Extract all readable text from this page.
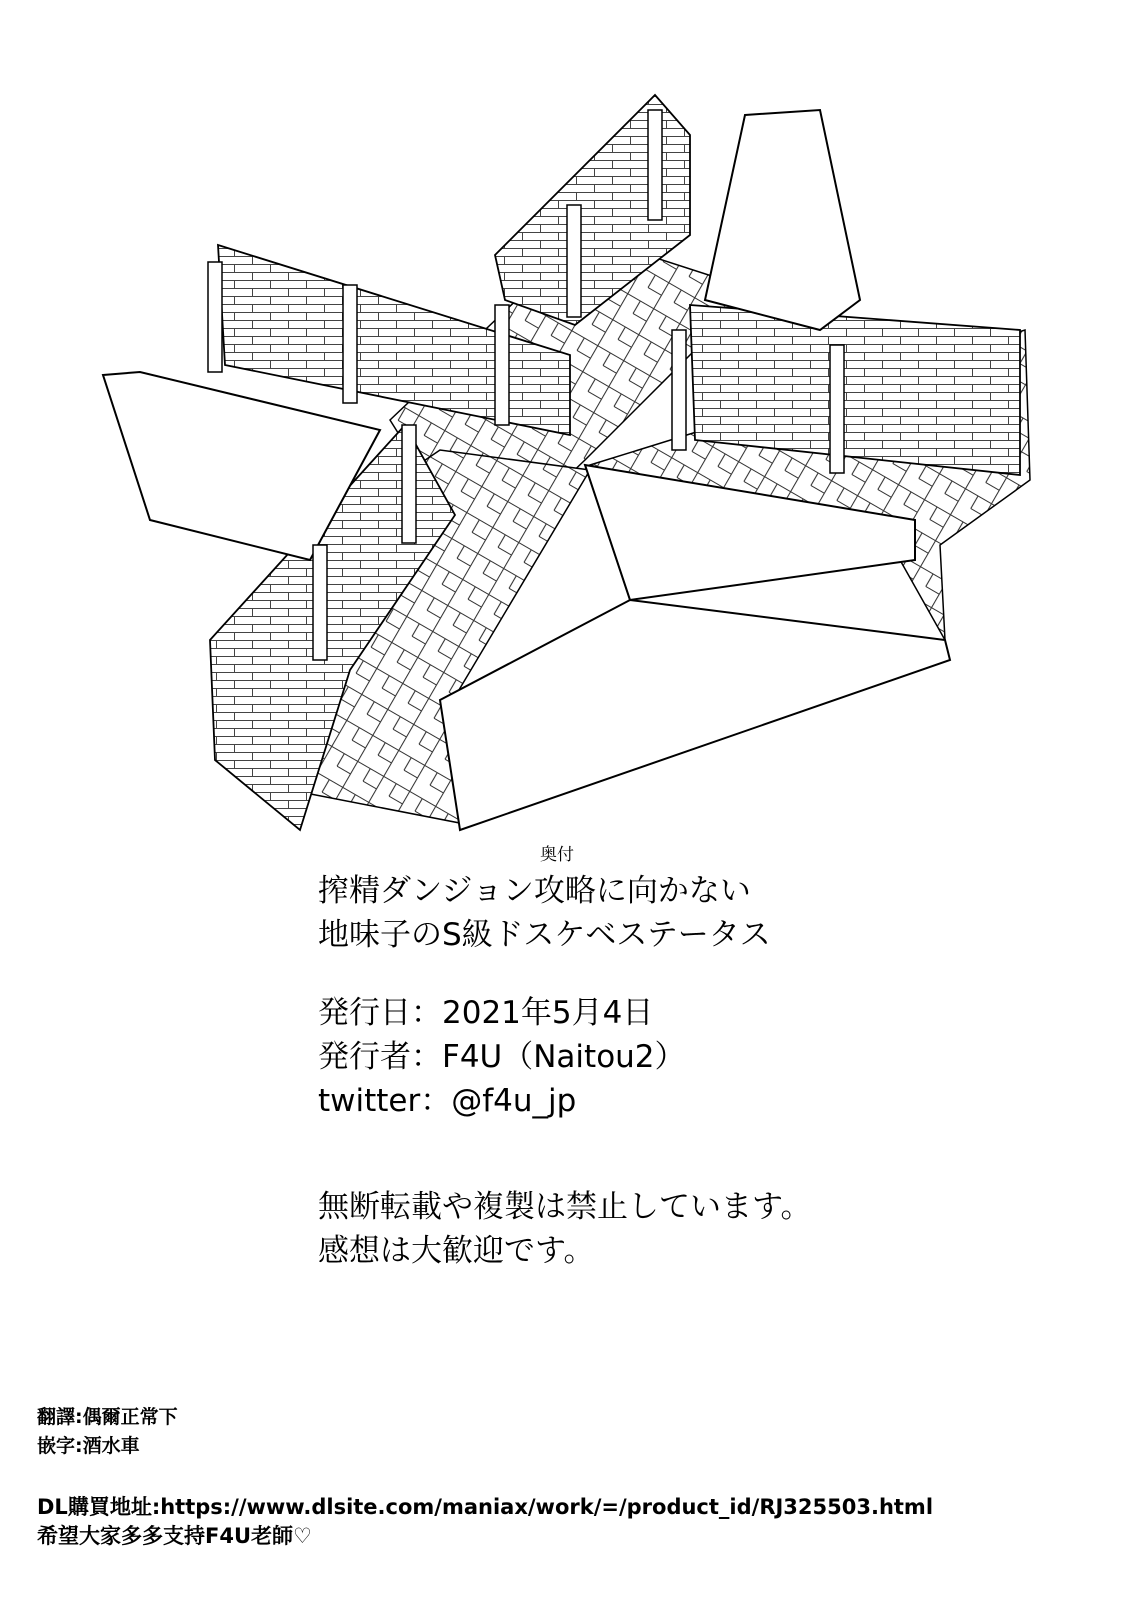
奥付
搾精ダンジョン攻略に向かない
地味子のS級ドスケベステータス
発行日：2021年5月4日
発行者：F4U（Naitou2）
twitter：@f4u_jp
無断転載や複製は禁止しています。
感想は大歓迎です。
翻譯:偶爾正常下
嵌字:酒水車
DL購買地址:https://www.dlsite.com/maniax/work/=/product_id/RJ325503.html
希望大家多多支持F4U老師♡
